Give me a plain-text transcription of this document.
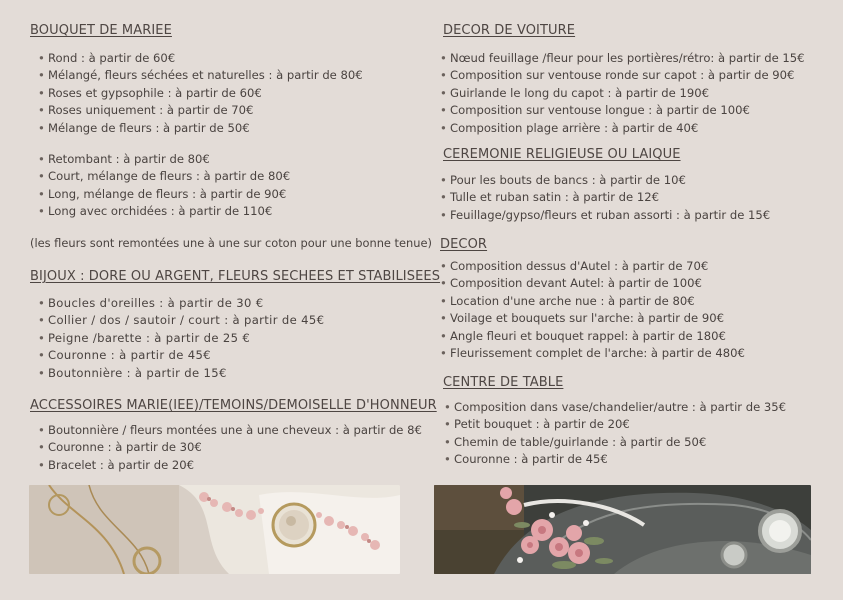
BOUQUET DE MARIEE
• Rond : à partir de 60€
• Mélangé, fleurs séchées et naturelles : à partir de 80€
• Roses et gypsophile : à partir de 60€
• Roses uniquement : à partir de 70€
• Mélange de fleurs : à partir de 50€
• Retombant : à partir de 80€
• Court, mélange de fleurs : à partir de 80€
• Long, mélange de fleurs : à partir de 90€
• Long avec orchidées : à partir de 110€
(les fleurs sont remontées une à une sur coton pour une bonne tenue)
BIJOUX : DORE OU ARGENT, FLEURS SECHEES ET STABILISEES
• Boucles d'oreilles : à partir de 30 €
• Collier / dos / sautoir / court : à partir de 45€
• Peigne /barette : à partir de 25 €
• Couronne : à partir de 45€
• Boutonnière : à partir de 15€
ACCESSOIRES MARIE(IEE)/TEMOINS/DEMOISELLE D'HONNEUR
• Boutonnière / fleurs montées une à une cheveux : à partir de 8€
• Couronne : à partir de 30€
• Bracelet : à partir de 20€
DECOR DE VOITURE
• Nœud feuillage /fleur pour les portières/rétro: à partir de 15€
• Composition sur ventouse ronde sur capot : à partir de 90€
• Guirlande le long du capot : à partir de 190€
• Composition sur ventouse longue : à partir de 100€
• Composition plage arrière : à partir de 40€
CEREMONIE RELIGIEUSE OU LAIQUE
• Pour les bouts de bancs : à partir de 10€
• Tulle et ruban satin : à partir de 12€
• Feuillage/gypso/fleurs et ruban assorti : à partir de 15€
DECOR
• Composition dessus d'Autel : à partir de 70€
• Composition devant Autel: à partir de 100€
• Location d'une arche nue : à partir de 80€
• Voilage et bouquets sur l'arche: à partir de 90€
• Angle fleuri et bouquet rappel: à partir de 180€
• Fleurissement complet de l'arche: à partir de 480€
CENTRE DE TABLE
• Composition dans vase/chandelier/autre : à partir de 35€
• Petit bouquet : à partir de 20€
• Chemin de table/guirlande : à partir de 50€
• Couronne : à partir de 45€
